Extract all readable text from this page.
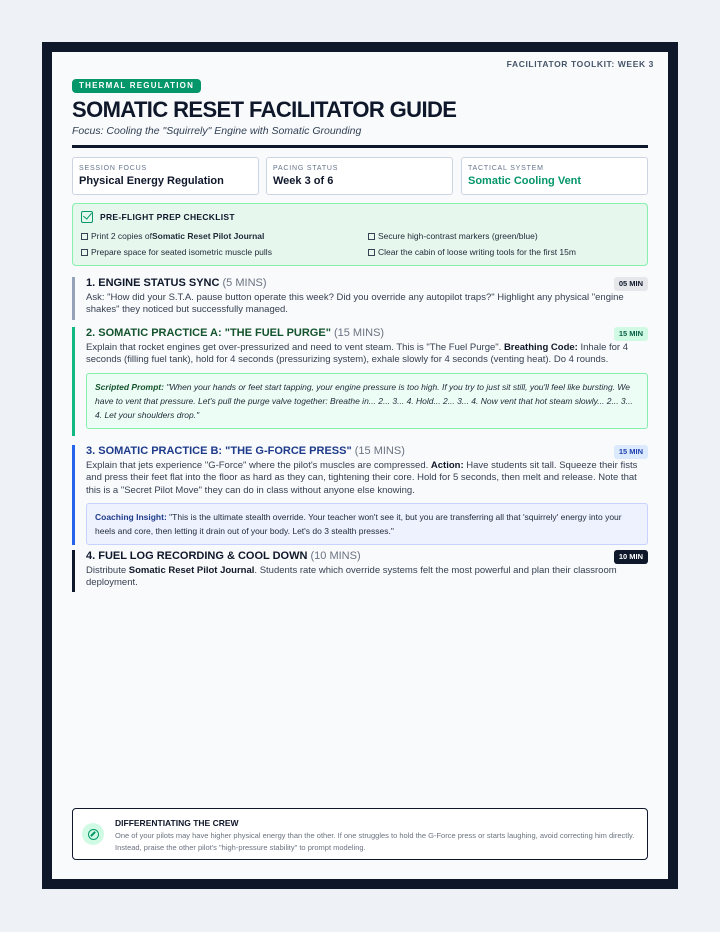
FACILITATOR TOOLKIT: WEEK 3
THERMAL REGULATION
SOMATIC RESET FACILITATOR GUIDE
Focus: Cooling the "Squirrely" Engine with Somatic Grounding
SESSION FOCUS
Physical Energy Regulation
PACING STATUS
Week 3 of 6
TACTICAL SYSTEM
Somatic Cooling Vent
PRE-FLIGHT PREP CHECKLIST
Print 2 copies of Somatic Reset Pilot Journal	Secure high-contrast markers (green/blue)
Prepare space for seated isometric muscle pulls	Clear the cabin of loose writing tools for the first 15m
1. ENGINE STATUS SYNC (5 MINS)	05 MIN
Ask: "How did your S.T.A. pause button operate this week? Did you override any autopilot traps?" Highlight any physical "engine shakes" they noticed but successfully managed.
2. SOMATIC PRACTICE A: "THE FUEL PURGE" (15 MINS)	15 MIN
Explain that rocket engines get over-pressurized and need to vent steam. This is "The Fuel Purge". Breathing Code: Inhale for 4 seconds (filling fuel tank), hold for 4 seconds (pressurizing system), exhale slowly for 4 seconds (venting heat). Do 4 rounds.
Scripted Prompt: "When your hands or feet start tapping, your engine pressure is too high. If you try to just sit still, you'll feel like bursting. We have to vent that pressure. Let's pull the purge valve together: Breathe in... 2... 3... 4. Hold... 2... 3... 4. Now vent that hot steam slowly... 2... 3... 4. Let your shoulders drop."
3. SOMATIC PRACTICE B: "THE G-FORCE PRESS" (15 MINS)	15 MIN
Explain that jets experience "G-Force" where the pilot's muscles are compressed. Action: Have students sit tall. Squeeze their fists and press their feet flat into the floor as hard as they can, tightening their core. Hold for 5 seconds, then melt and release. Note that this is a "Secret Pilot Move" they can do in class without anyone else knowing.
Coaching Insight: "This is the ultimate stealth override. Your teacher won't see it, but you are transferring all that 'squirrely' energy into your heels and core, then letting it drain out of your body. Let's do 3 stealth presses."
4. FUEL LOG RECORDING & COOL DOWN (10 MINS)	10 MIN
Distribute Somatic Reset Pilot Journal. Students rate which override systems felt the most powerful and plan their classroom deployment.
DIFFERENTIATING THE CREW
One of your pilots may have higher physical energy than the other. If one struggles to hold the G-Force press or starts laughing, avoid correcting him directly. Instead, praise the other pilot's "high-pressure stability" to prompt modeling.
